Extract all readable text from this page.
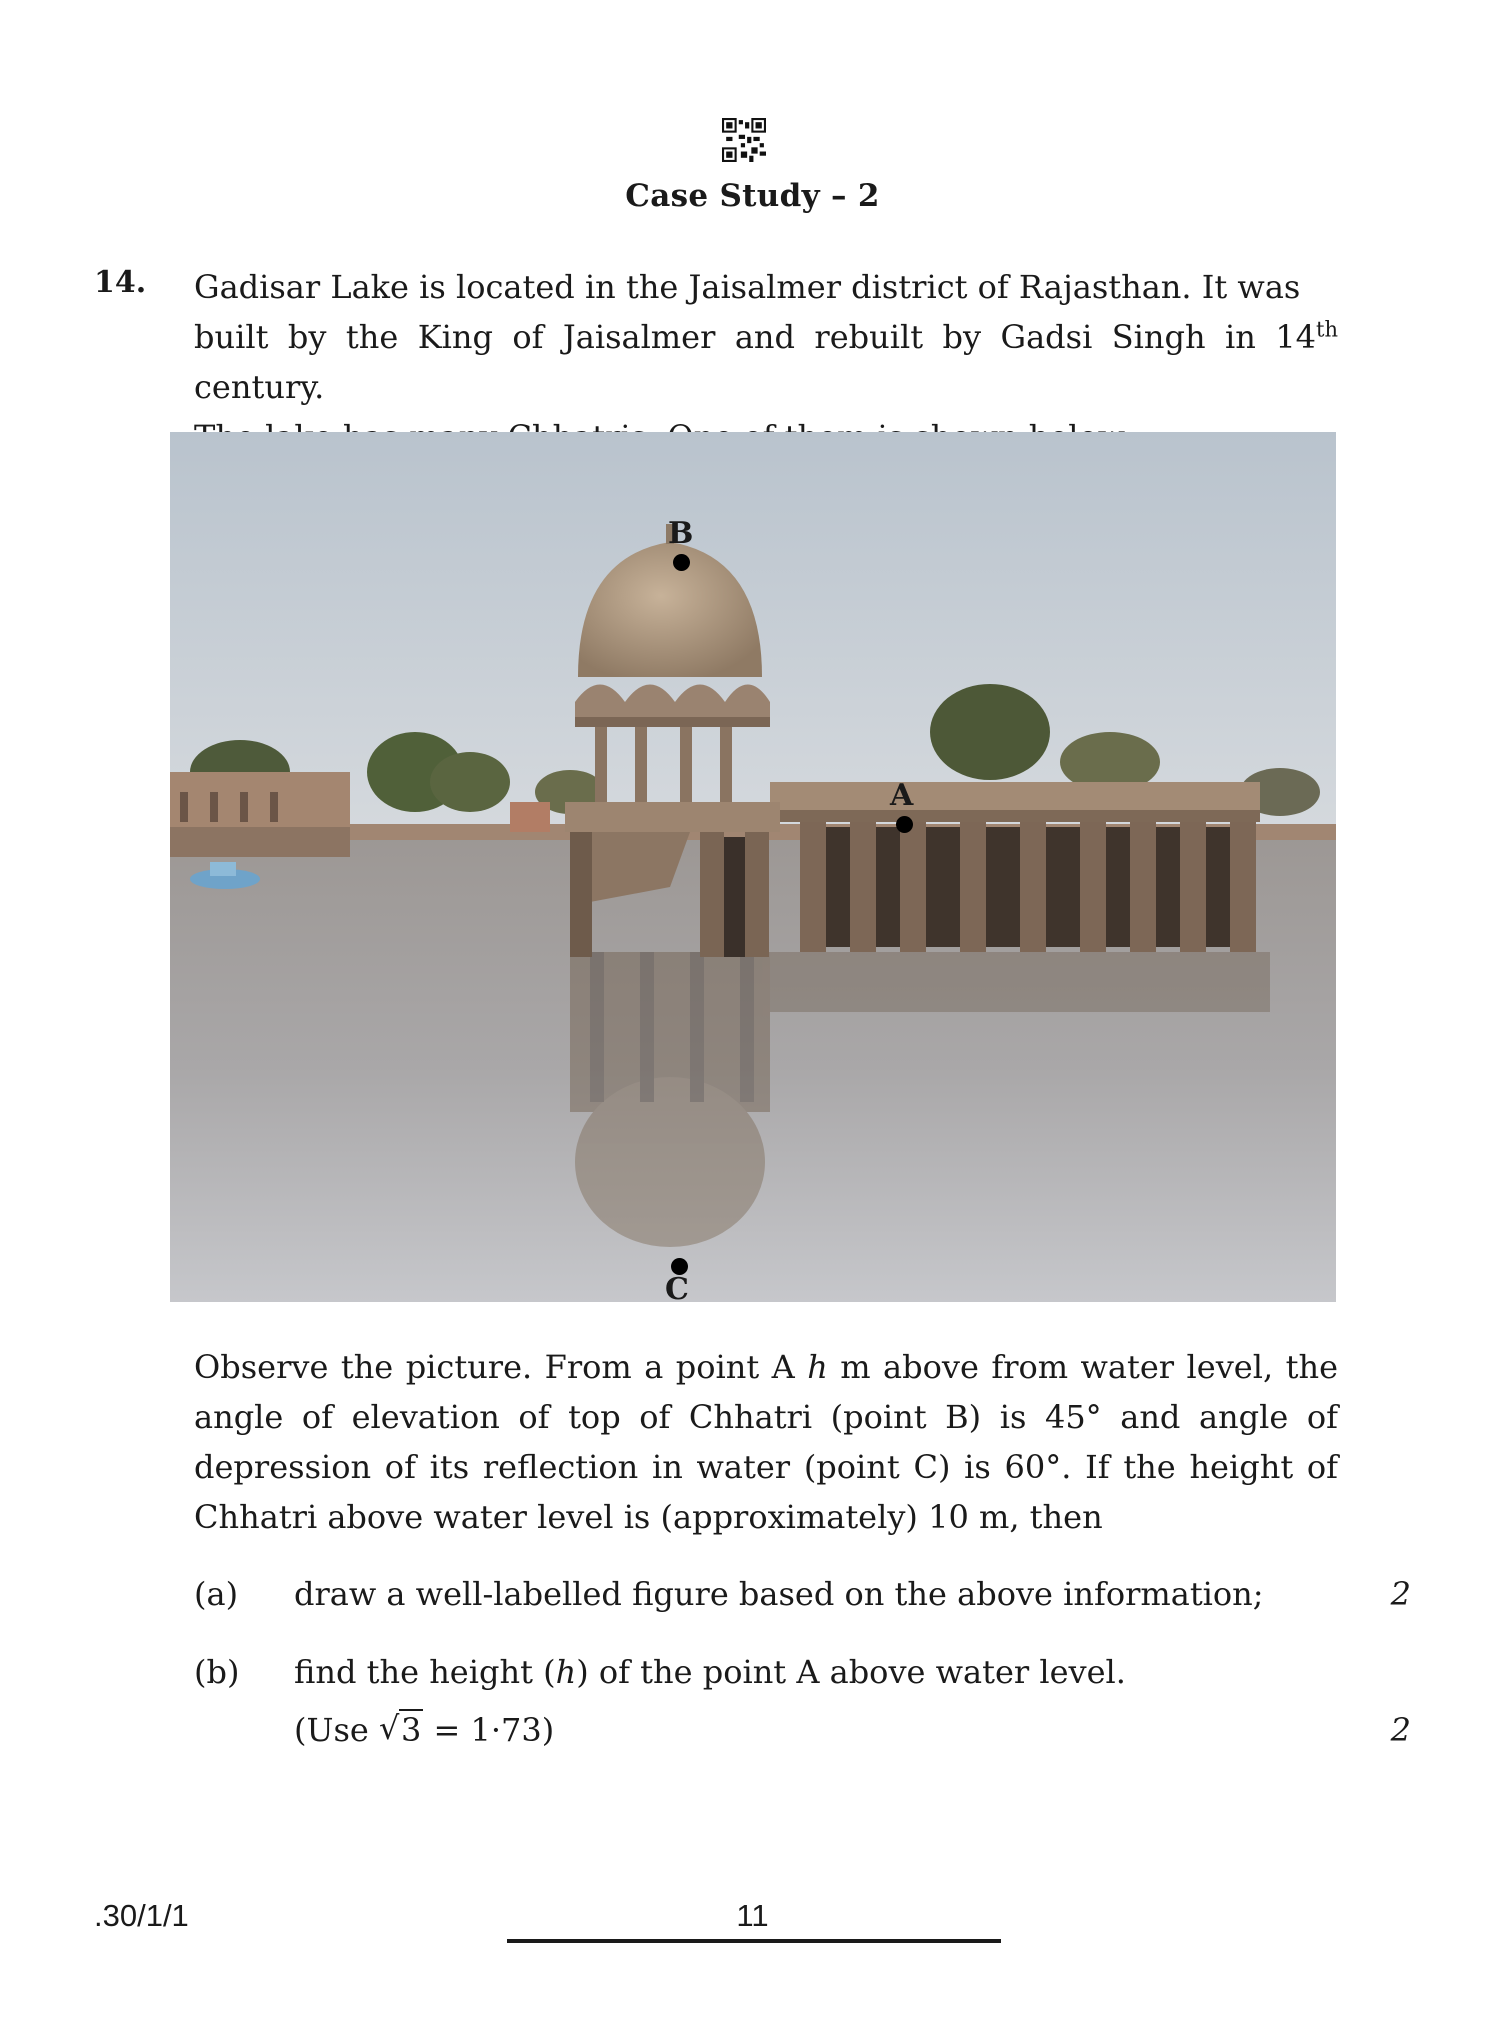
Case Study – 2
14. Gadisar Lake is located in the Jaisalmer district of Rajasthan. It was

built by the King of Jaisalmer and rebuilt by Gadsi Singh in 14th century.

B
A
C

Observe the picture. From a point A h m above from water level, the angle of elevation of top of Chhatri (point B) is 45° and angle of depression of its reflection in water (point C) is 60°. If the height of Chhatri above water level is (approximately) 10 m, then

(a) draw a well-labelled figure based on the above information;	2
(b) find the height (h) of the point A above water level.
(Use √ 3 = 1·73)	2
.30/1/1	11
